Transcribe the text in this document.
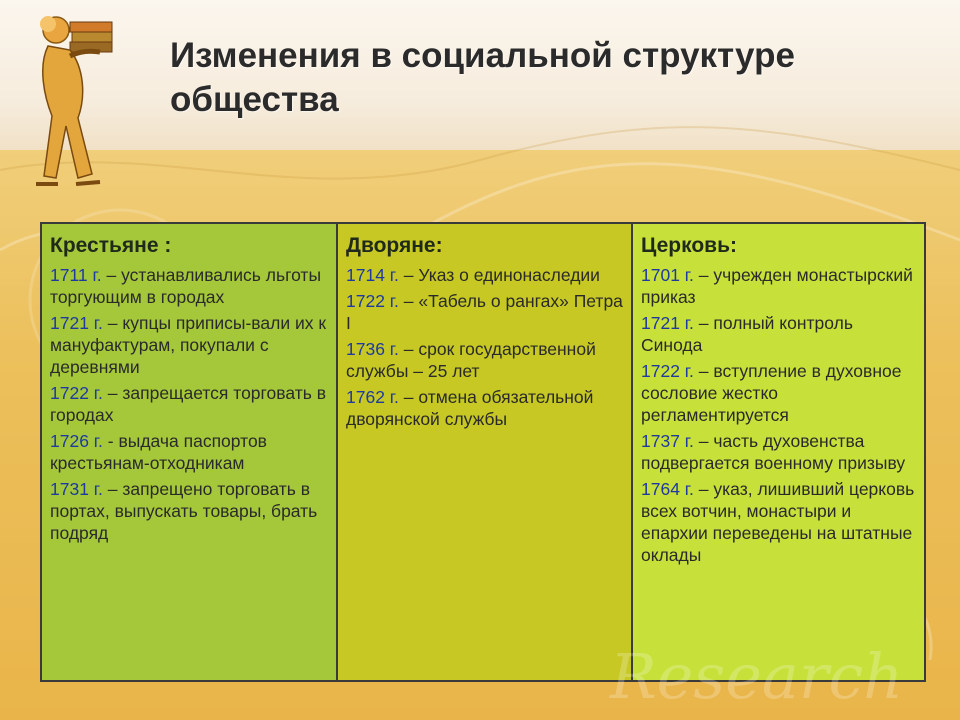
Изменения в социальной структуре общества
Крестьяне :
1711 г. – устанавливались льготы торгующим в городах
1721 г. – купцы приписы-вали их к мануфактурам, покупали с деревнями
1722 г. – запрещается торговать в городах
1726 г. - выдача паспортов крестьянам-отходникам
1731 г. – запрещено торговать в портах, выпускать товары, брать подряд
Дворяне:
1714 г. – Указ о единонаследии
1722 г. – «Табель о рангах» Петра I
1736 г. – срок государственной службы – 25 лет
1762 г. – отмена обязательной дворянской службы
Церковь:
1701 г. – учрежден монастырский приказ
1721 г. – полный контроль Синода
1722 г. – вступление в духовное сословие жестко регламентируется
1737 г. – часть духовенства подвергается военному призыву
1764 г. – указ, лишивший церковь всех вотчин, монастыри и епархии переведены на штатные оклады
Research
